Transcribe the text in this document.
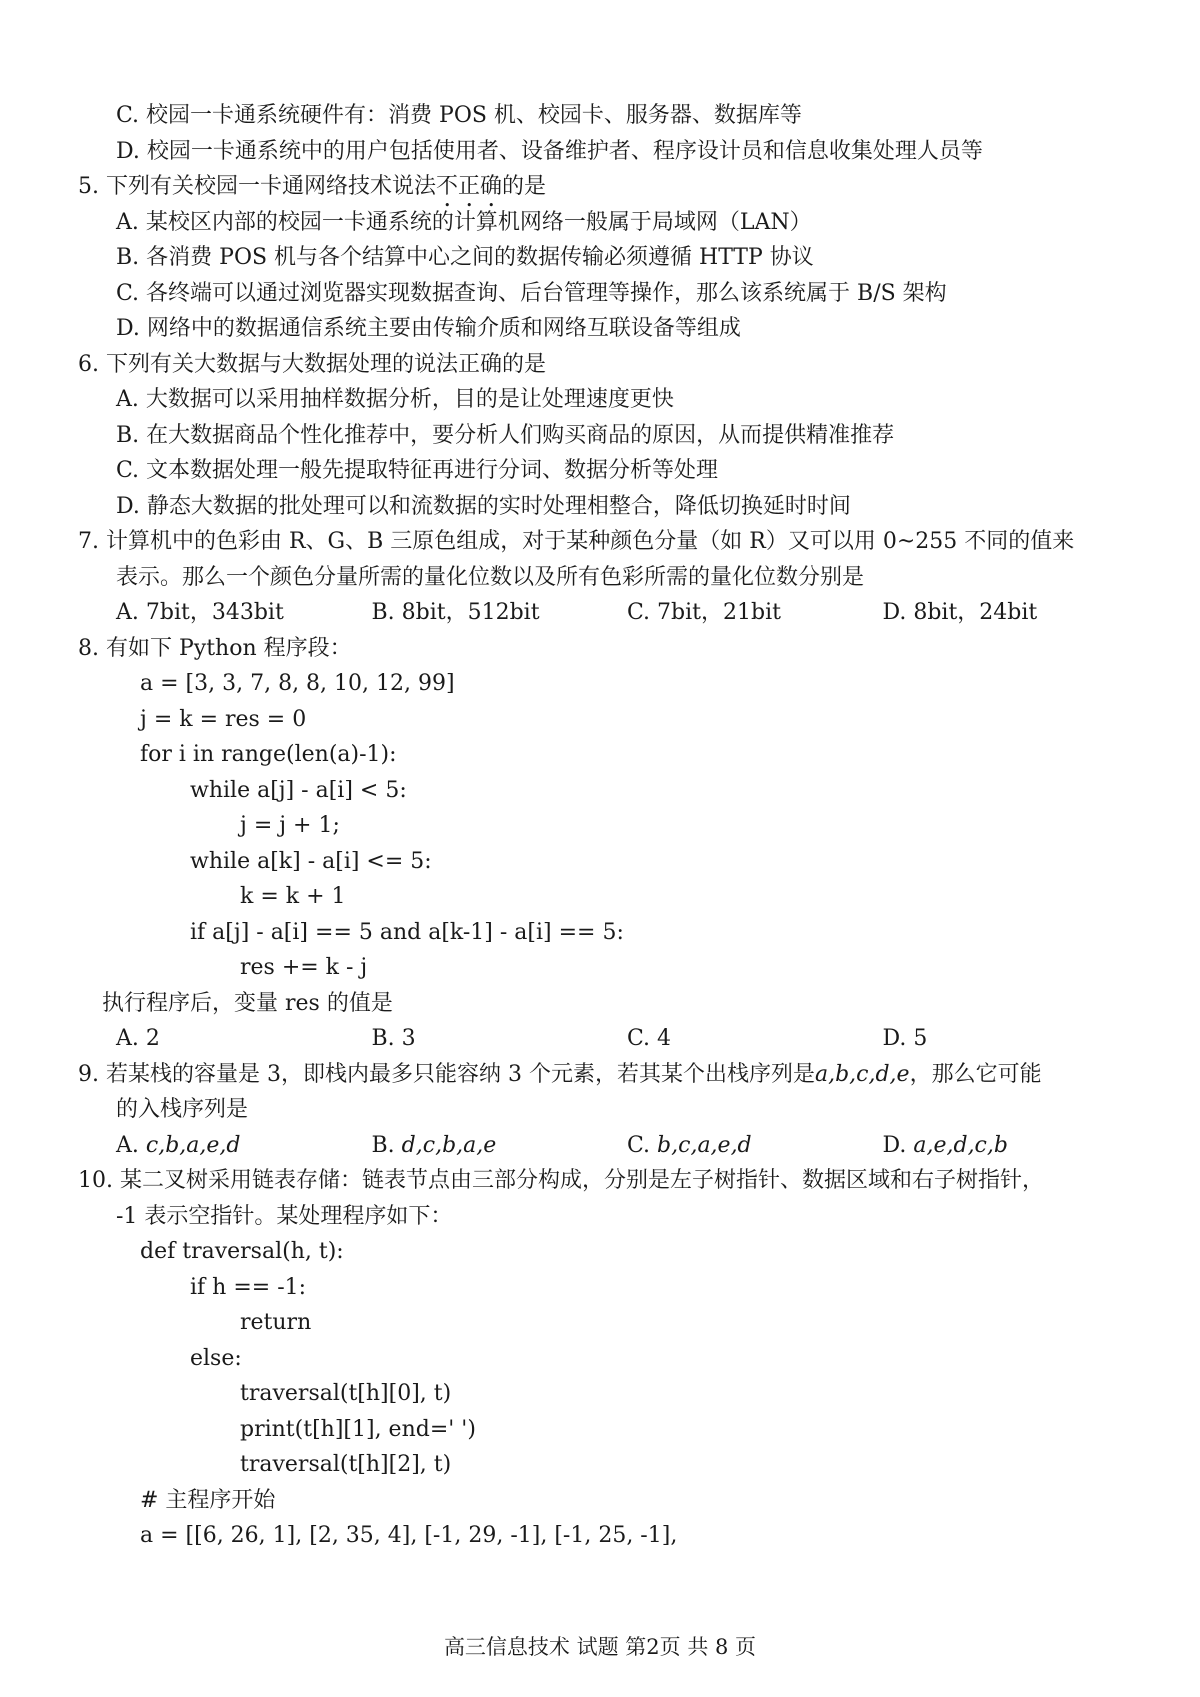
C. 校园一卡通系统硬件有：消费 POS 机、校园卡、服务器、数据库等
D. 校园一卡通系统中的用户包括使用者、设备维护者、程序设计员和信息收集处理人员等
5. 下列有关校园一卡通网络技术说法不正确的是
A. 某校区内部的校园一卡通系统的计算机网络一般属于局域网（LAN）
B. 各消费 POS 机与各个结算中心之间的数据传输必须遵循 HTTP 协议
C. 各终端可以通过浏览器实现数据查询、后台管理等操作，那么该系统属于 B/S 架构
D. 网络中的数据通信系统主要由传输介质和网络互联设备等组成
6. 下列有关大数据与大数据处理的说法正确的是
A. 大数据可以采用抽样数据分析，目的是让处理速度更快
B. 在大数据商品个性化推荐中，要分析人们购买商品的原因，从而提供精准推荐
C. 文本数据处理一般先提取特征再进行分词、数据分析等处理
D. 静态大数据的批处理可以和流数据的实时处理相整合，降低切换延时时间
7. 计算机中的色彩由 R、G、B 三原色组成，对于某种颜色分量（如 R）又可以用 0~255 不同的值来
表示。那么一个颜色分量所需的量化位数以及所有色彩所需的量化位数分别是
A. 7bit，343bit	B. 8bit，512bit	C. 7bit，21bit	D. 8bit，24bit
8. 有如下 Python 程序段：
a = [3, 3, 7, 8, 8, 10, 12, 99]
j = k = res = 0
for i in range(len(a)-1):
while a[j] - a[i] < 5:
j = j + 1;
while a[k] - a[i] <= 5:
k = k + 1
if a[j] - a[i] == 5 and a[k-1] - a[i] == 5:
res += k - j
执行程序后，变量 res 的值是
A. 2	B. 3	C. 4	D. 5
9. 若某栈的容量是 3，即栈内最多只能容纳 3 个元素，若其某个出栈序列是a,b,c,d,e，那么它可能
的入栈序列是
A. c,b,a,e,d	B. d,c,b,a,e	C. b,c,a,e,d	D. a,e,d,c,b
10. 某二叉树采用链表存储：链表节点由三部分构成，分别是左子树指针、数据区域和右子树指针，
-1 表示空指针。某处理程序如下：
def traversal(h, t):
if h == -1:
return
else:
traversal(t[h][0], t)
print(t[h][1], end=' ')
traversal(t[h][2], t)
# 主程序开始
a = [[6, 26, 1], [2, 35, 4], [-1, 29, -1], [-1, 25, -1],
高三信息技术 试题 第2页 共 8 页
